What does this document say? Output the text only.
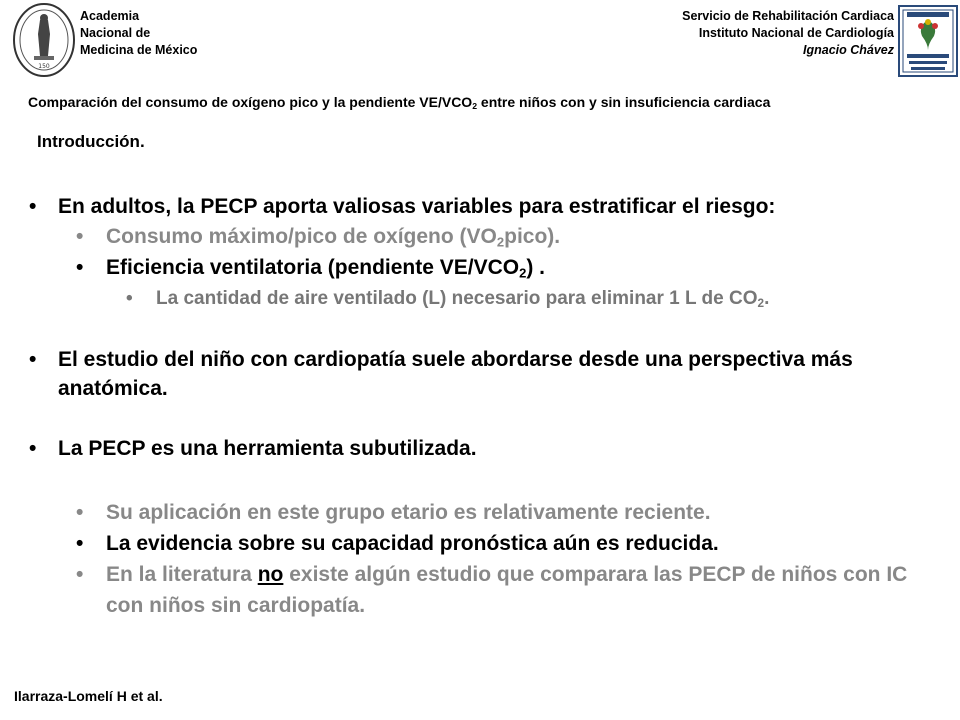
150
Academia
Nacional de
Medicina de México
Servicio de Rehabilitación Cardiaca
Instituto Nacional de Cardiología
Ignacio Chávez
Comparación del consumo de oxígeno pico y la pendiente $VE/VCO_2$ entre niños con y sin insuficiencia cardiaca
Introducción.
• En adultos, la PECP aporta valiosas variables para estratificar el riesgo:
• Consumo máximo/pico de oxígeno $(VO_2pico)$.
• Eficiencia ventilatoria (pendiente $VE/VCO_2$) .
• La cantidad de aire ventilado (L) necesario para eliminar 1 L de $CO_2$.
• El estudio del niño con cardiopatía suele abordarse desde una perspectiva más anatómica.
• La PECP es una herramienta subutilizada.
• Su aplicación en este grupo etario es relativamente reciente.
• La evidencia sobre su capacidad pronóstica aún es reducida.
• En la literatura no existe algún estudio que comparara las PECP de niños con IC con niños sin cardiopatía.
Ilarraza-Lomelí H et al.
